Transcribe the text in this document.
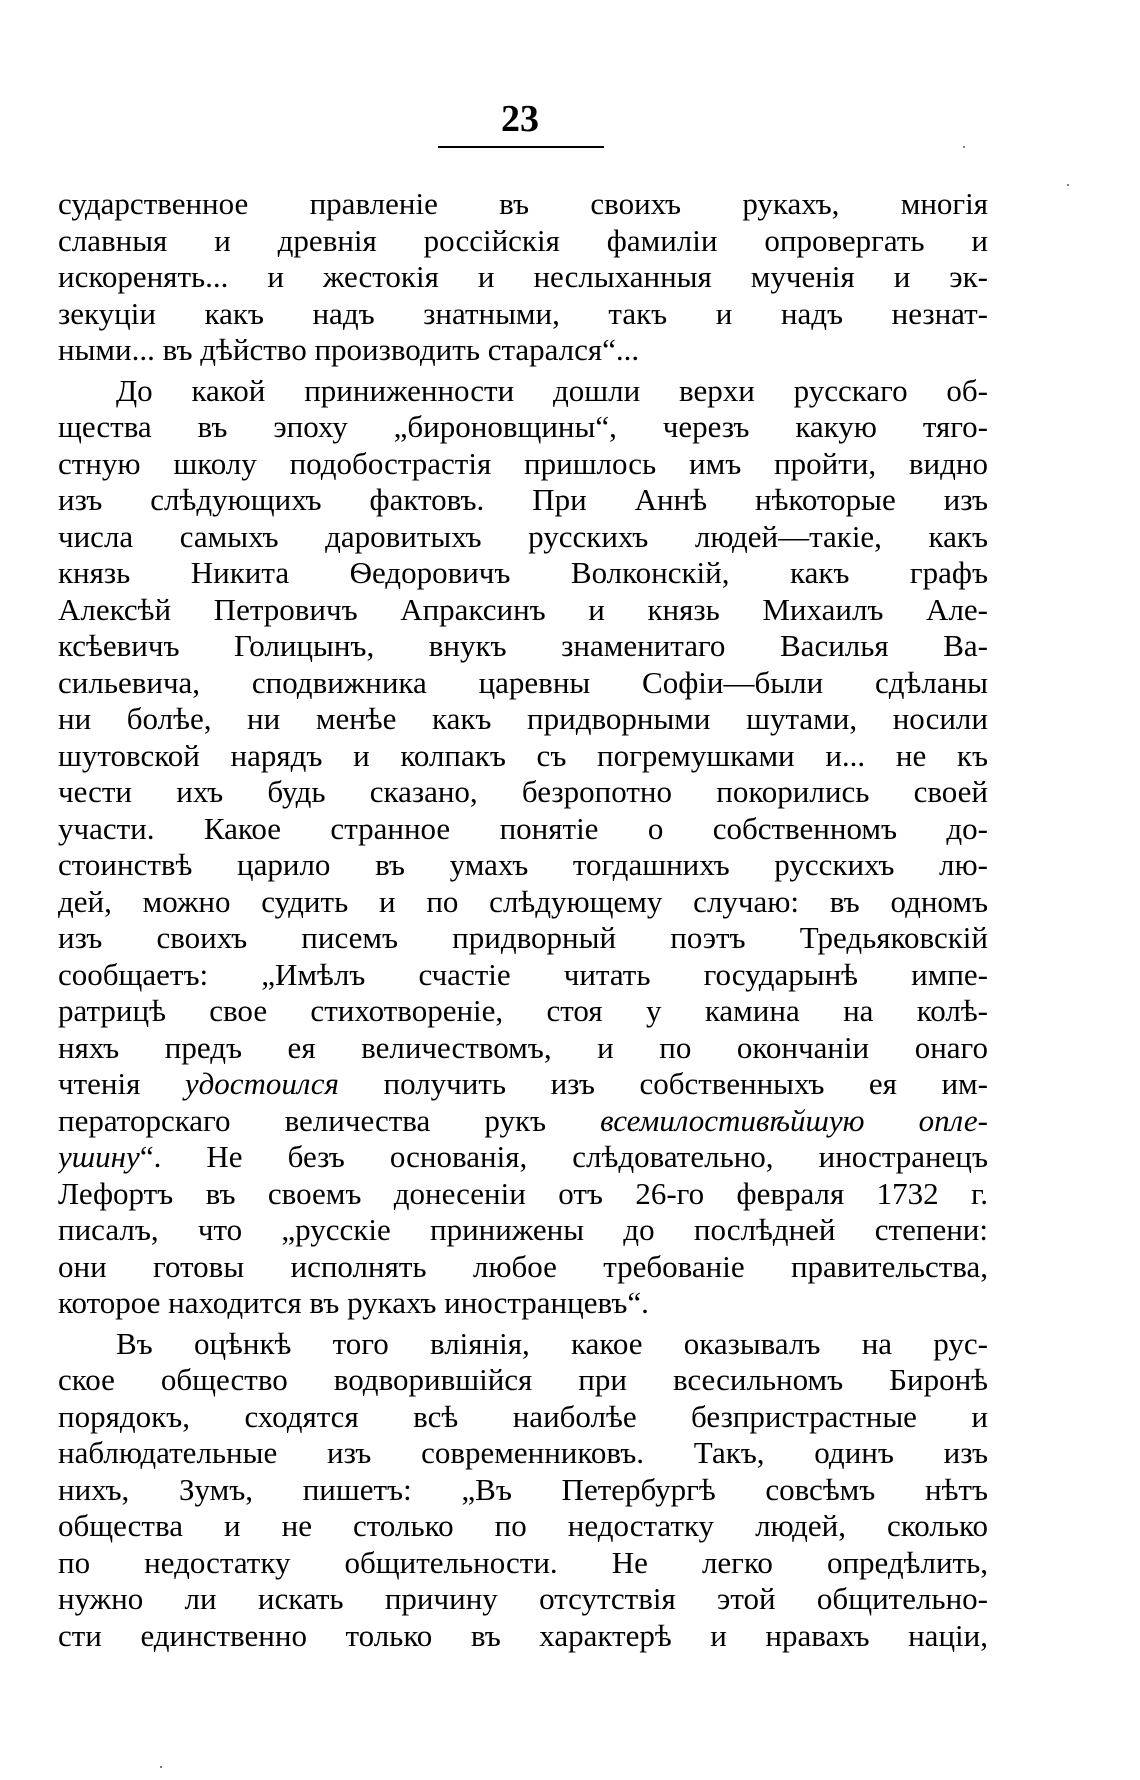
23
сударственное правленіе въ своихъ рукахъ, многія
славныя и древнія россійскія фамиліи опровергать и
искоренять... и жестокія и неслыханныя мученія и эк-
зекуціи какъ надъ знатными, такъ и надъ незнат-
ными... въ дѣйство производить старался“...
До какой приниженности дошли верхи русскаго об-
щества въ эпоху „бироновщины“, черезъ какую тяго-
стную школу подобострастія пришлось имъ пройти, видно
изъ слѣдующихъ фактовъ. При Аннѣ нѣкоторые изъ
числа самыхъ даровитыхъ русскихъ людей—такіе, какъ
князь Никита Ѳедоровичъ Волконскій, какъ графъ
Алексѣй Петровичъ Апраксинъ и князь Михаилъ Але-
ксѣевичъ Голицынъ, внукъ знаменитаго Василья Ва-
сильевича, сподвижника царевны Софіи—были сдѣланы
ни болѣе, ни менѣе какъ придворными шутами, носили
шутовской нарядъ и колпакъ съ погремушками и... не къ
чести ихъ будь сказано, безропотно покорились своей
участи. Какое странное понятіе о собственномъ до-
стоинствѣ царило въ умахъ тогдашнихъ русскихъ лю-
дей, можно судить и по слѣдующему случаю: въ одномъ
изъ своихъ писемъ придворный поэтъ Тредьяковскій
сообщаетъ: „Имѣлъ счастіе читать государынѣ импе-
ратрицѣ свое стихотвореніе, стоя у камина на колѣ-
няхъ предъ ея величествомъ, и по окончаніи онаго
чтенія удостоился получить изъ собственныхъ ея им-
ператорскаго величества рукъ всемилостивѣйшую опле-
ушину“. Не безъ основанія, слѣдовательно, иностранецъ
Лефортъ въ своемъ донесеніи отъ 26-го февраля 1732 г.
писалъ, что „русскіе принижены до послѣдней степени:
они готовы исполнять любое требованіе правительства,
которое находится въ рукахъ иностранцевъ“.
Въ оцѣнкѣ того вліянія, какое оказывалъ на рус-
ское общество водворившійся при всесильномъ Биронѣ
порядокъ, сходятся всѣ наиболѣе безпристрастные и
наблюдательные изъ современниковъ. Такъ, одинъ изъ
нихъ, Зумъ, пишетъ: „Въ Петербургѣ совсѣмъ нѣтъ
общества и не столько по недостатку людей, сколько
по недостатку общительности. Не легко опредѣлить,
нужно ли искать причину отсутствія этой общительно-
сти единственно только въ характерѣ и нравахъ націи,
